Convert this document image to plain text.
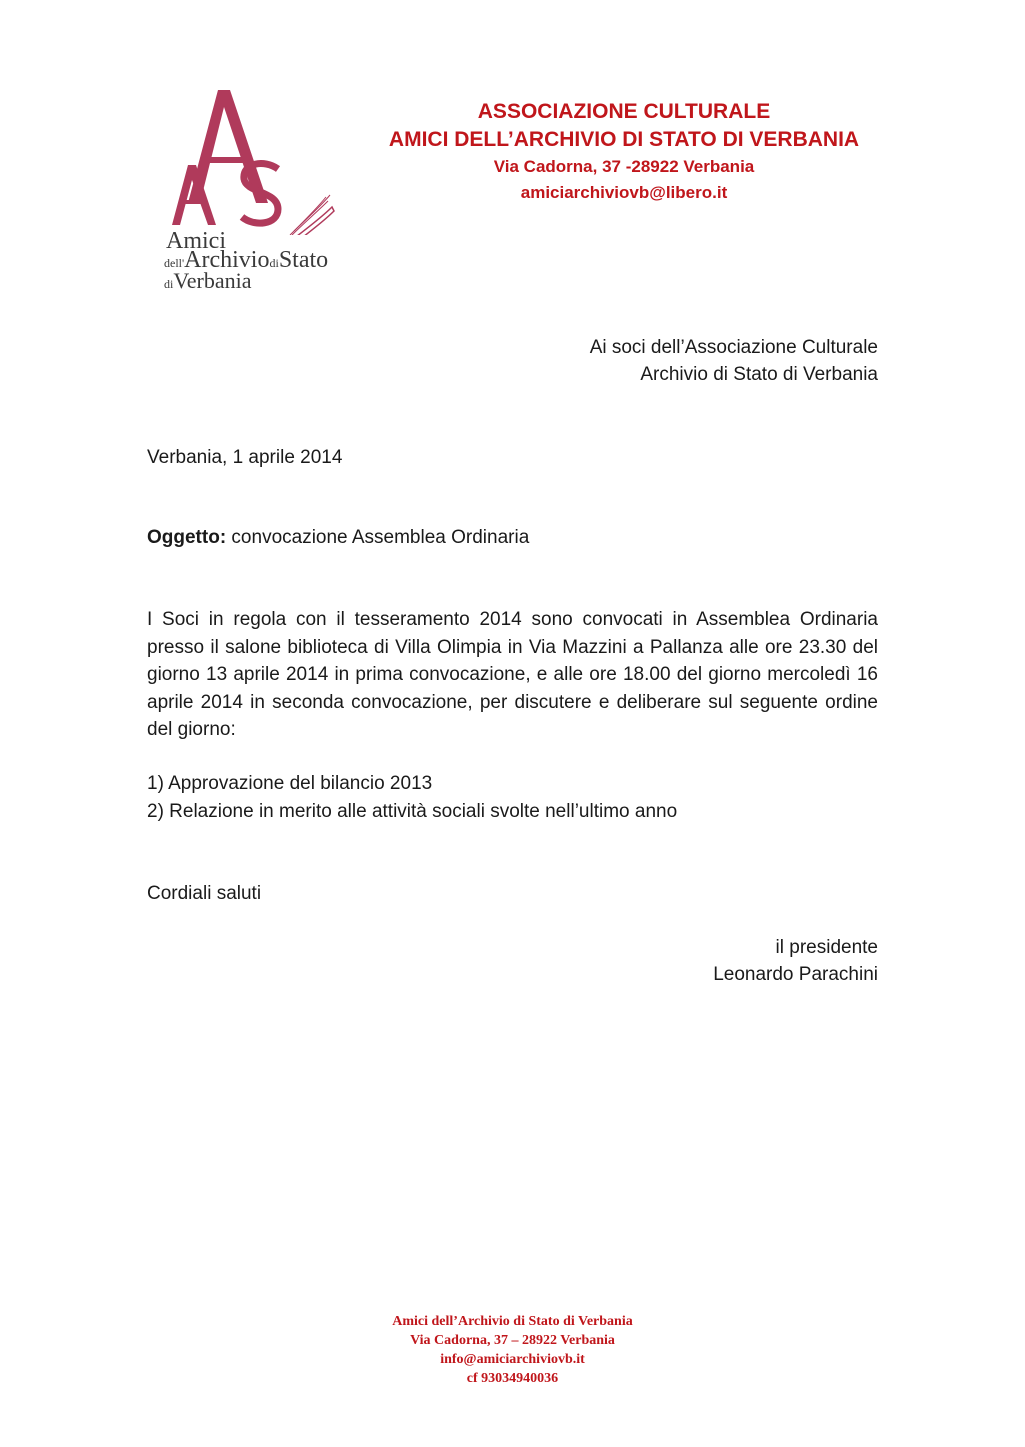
Amici
dell'ArchiviodiStato
diVerbania
ASSOCIAZIONE CULTURALE
AMICI DELL’ARCHIVIO DI STATO DI VERBANIA
Via Cadorna, 37 -28922 Verbania
amiciarchiviovb@libero.it
Ai soci dell’Associazione Culturale
Archivio di Stato di Verbania
Verbania, 1 aprile 2014
Oggetto: convocazione Assemblea Ordinaria
I Soci in regola con il tesseramento 2014 sono convocati in Assemblea Ordinaria presso il salone biblioteca di Villa Olimpia in Via Mazzini a Pallanza alle ore 23.30 del giorno 13 aprile 2014 in prima convocazione, e alle ore 18.00 del giorno mercoledì 16 aprile 2014 in seconda convocazione, per discutere e deliberare sul seguente ordine del giorno:
1) Approvazione del bilancio 2013
2) Relazione in merito alle attività sociali svolte nell’ultimo anno
Cordiali saluti
il presidente
Leonardo Parachini
Amici dell’Archivio di Stato di Verbania
Via Cadorna, 37 – 28922 Verbania
info@amiciarchiviovb.it
cf 93034940036
